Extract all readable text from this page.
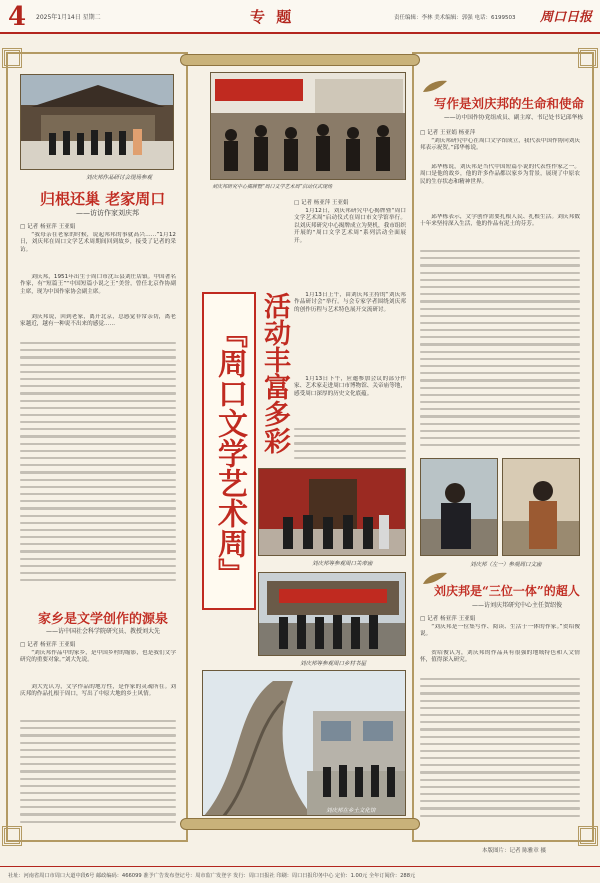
4 2025年1月14日 星期二	专 题	责任编辑：李林 美术编辑：郭强 电话：6199503 周口日报
刘庆邦作品研讨会现场参观
归根还巢 老家周口
——访访作家刘庆邦
□ 记者 杨亚萍 王亚娟

“我母亲在老家的时候，说起邦邦的事就高兴……”1月12日，刘庆邦在周口文学艺术周期间回到故乡，接受了记者的采访。

刘庆邦，1951年出生于周口市沈丘县刘庄店镇。中国著名作家，有“短篇王”“中国短篇小说之王”美誉，曾任北京作协副主席，现为中国作家协会副主席。

刘庆邦说，回到老家，离开北京，总感觉非常亲切，离老家越近，越有一种说不出来的感觉……

家乡是文学创作的源泉
——访中国社会科学院研究员、教授刘大先
□ 记者 杨亚萍 王亚娟

“刘庆邦作品中的家乡，是中国乡村的缩影，也是我们文学研究的重要对象。”刘大先说。

刘大先认为，文学作品的地方性，是作家的灵魂所在。刘庆邦的作品扎根于周口，写出了中原大地的乡土风情。

刘庆邦研究中心揭牌暨“周口文学艺术周”启动仪式现场
□ 记者 杨亚萍 王亚娟

1月12日，刘庆邦研究中心揭牌暨“周口文学艺术周”启动仪式在周口市文学馆举行。以刘庆邦研究中心揭牌成立为契机，我市组织开展的“周口文学艺术周”系列活动全面展开。

『周口文学艺术周』 活动丰富多彩	1月13日上午，由刘庆邦主持的“刘庆邦作品研讨会”举行。与会专家学者围绕刘庆邦的创作历程与艺术特色展开交流研讨。

1月13日下午，应邀参加会议的部分作家、艺术家走进周口市博物馆、关帝庙等地，感受周口深厚的历史文化底蕴。

刘庆邦等参观周口关帝庙
刘庆邦等参观周口乡村书屋
刘庆邦在乡土文化馆
写作是刘庆邦的生命和使命
——访中国作协党组成员、副主席、书记处书记邱华栋
□ 记者 王亚娟 杨亚萍

“刘庆邦研究中心在周口文学馆成立，我代表中国作协向刘庆邦表示祝贺。”邱华栋说。

邱华栋说，刘庆邦是当代中国短篇小说的代表性作家之一。周口是他的故乡，他的许多作品都以家乡为背景，展现了中原农民的生存状态和精神世界。

邱华栋表示，文学创作需要扎根人民、扎根生活。刘庆邦数十年来坚持深入生活，他的作品有泥土的芬芳。

刘庆邦（左一）参观周口文庙
刘庆邦是“三位一体”的超人
——访刘庆邦研究中心主任贺绍俊
□ 记者 杨亚萍 王亚娟

“刘庆邦是一位集写作、阅读、生活于一体的作家。”贺绍俊说。

贺绍俊认为，刘庆邦的作品具有很强的地域特色和人文情怀，值得深入研究。

本版图片：记者 陈雅章 摄
社址：河南省周口市周口大道中段6号 邮政编码：466099 准予广告发布登记号：周市监广发登字 发行：周口日报社 印刷：周口日报印务中心 定价：1.00元 全年订阅价：288元
